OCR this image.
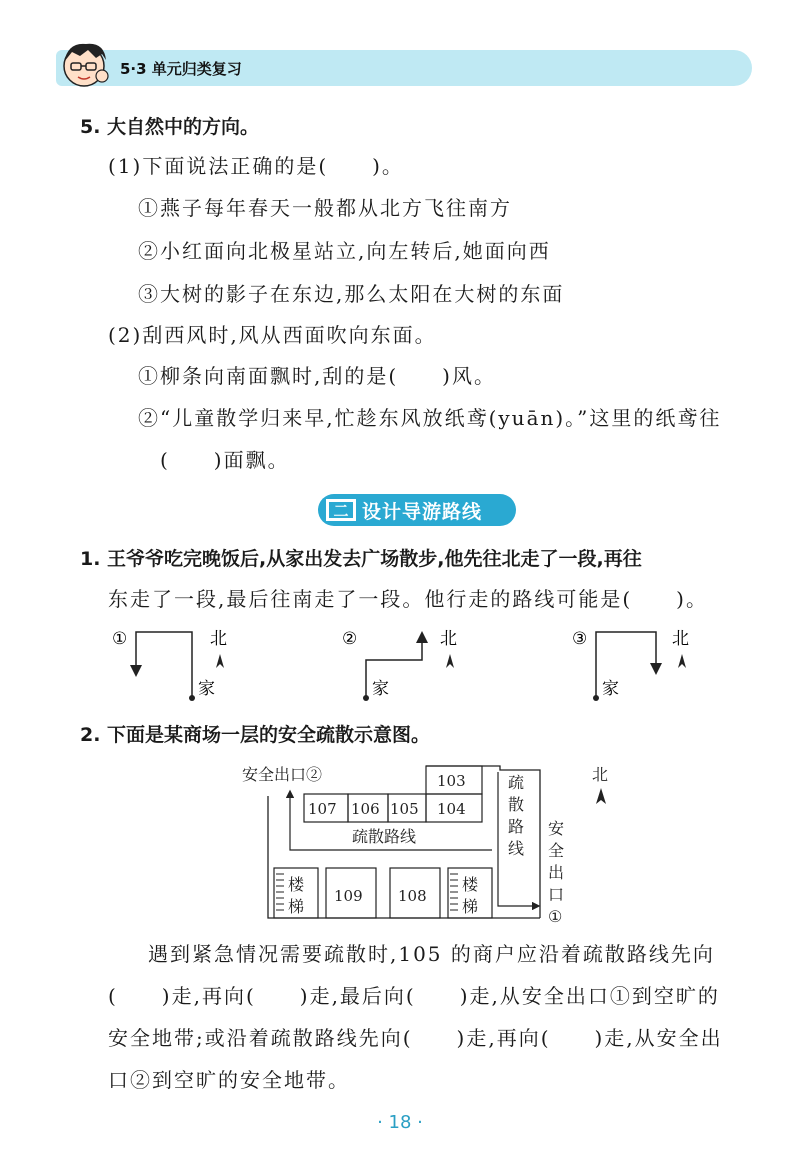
5·3 单元归类复习
5. 大自然中的方向。
(1)下面说法正确的是(　　)。
①燕子每年春天一般都从北方飞往南方
②小红面向北极星站立,向左转后,她面向西
③大树的影子在东边,那么太阳在大树的东面
(2)刮西风时,风从西面吹向东面。
①柳条向南面飘时,刮的是(　　)风。
②“儿童散学归来早,忙趁东风放纸鸢(yuān)。”这里的纸鸢往
(　　)面飘。
二 设计导游路线
1. 王爷爷吃完晚饭后,从家出发去广场散步,他先往北走了一段,再往
东走了一段,最后往南走了一段。他行走的路线可能是(　　)。
①
家
北	②
家
北	③
家
北
2. 下面是某商场一层的安全疏散示意图。
安全出口②	103
107 106 105 104
疏散路线
疏
散
路
线
楼
梯
109 108
楼
梯
安
全
出
口
①
北
遇到紧急情况需要疏散时,105 的商户应沿着疏散路线先向
(　　)走,再向(　　)走,最后向(　　)走,从安全出口①到空旷的
安全地带;或沿着疏散路线先向(　　)走,再向(　　)走,从安全出
口②到空旷的安全地带。
· 18 ·
